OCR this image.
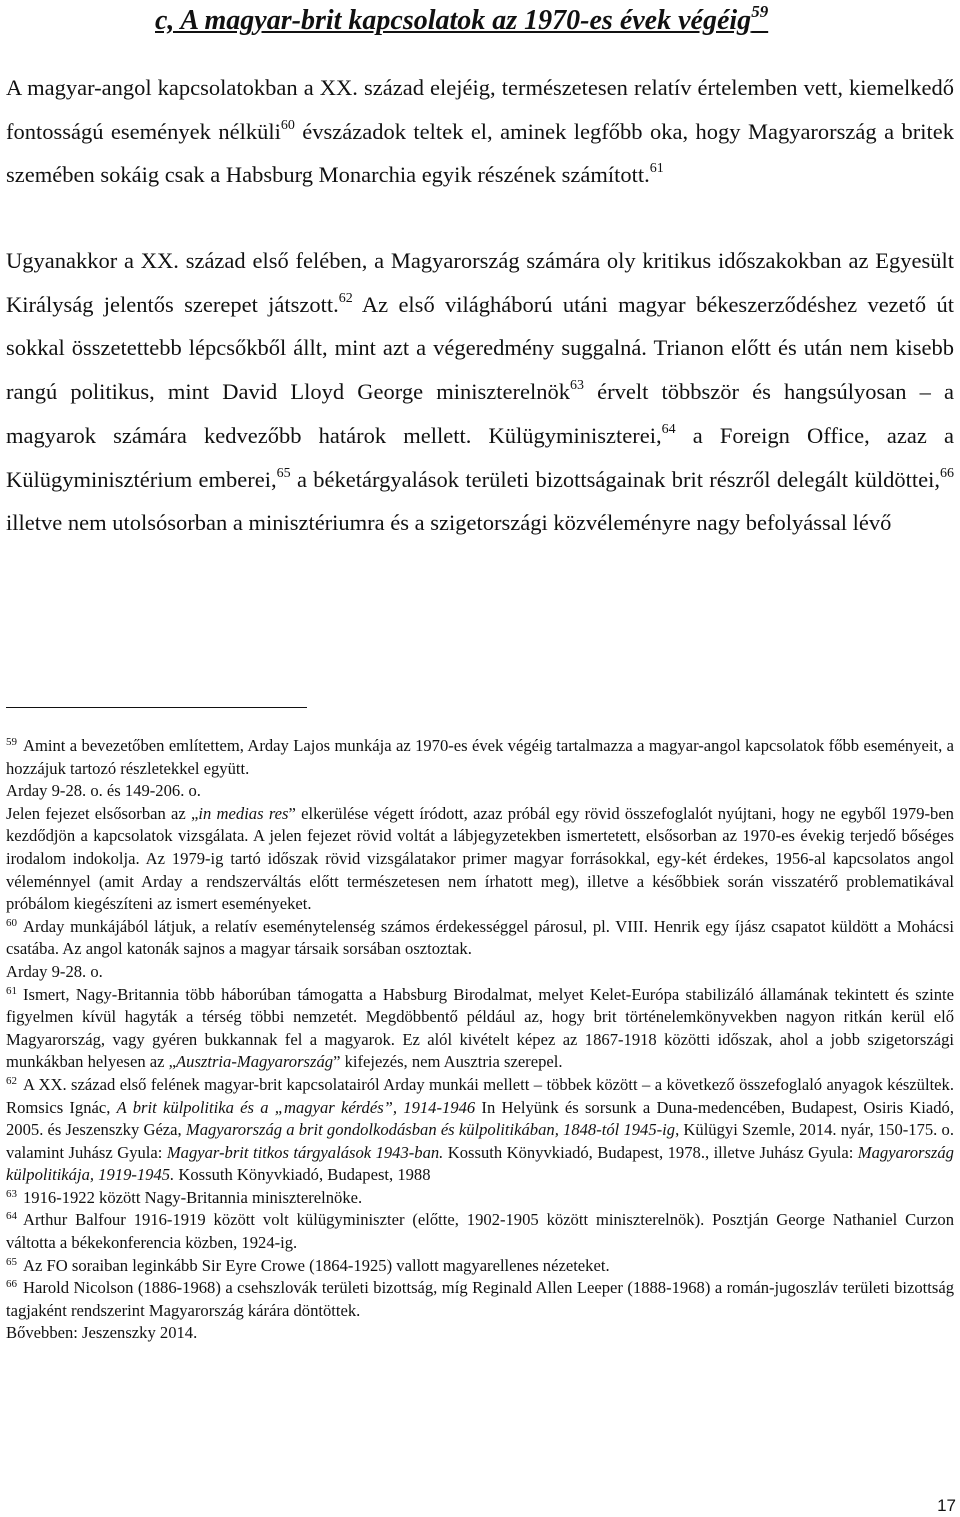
c, A magyar-brit kapcsolatok az 1970-es évek végéig$^{59}$

A magyar-angol kapcsolatokban a XX. század elejéig, természetesen relatív értelemben vett, kiemelkedő fontosságú események nélküli$^{60}$ évszázadok teltek el, aminek legfőbb oka, hogy Magyarország a britek szemében sokáig csak a Habsburg Monarchia egyik részének számított.$^{61}$

Ugyanakkor a XX. század első felében, a Magyarország számára oly kritikus időszakokban az Egyesült Királyság jelentős szerepet játszott.$^{62}$ Az első világháború utáni magyar békeszerződéshez vezető út sokkal összetettebb lépcsőkből állt, mint azt a végeredmény suggalná. Trianon előtt és után nem kisebb rangú politikus, mint David Lloyd George miniszterelnök$^{63}$ érvelt többször és hangsúlyosan – a magyarok számára kedvezőbb határok mellett. Külügyminiszterei,$^{64}$ a Foreign Office, azaz a Külügyminisztérium emberei,$^{65}$ a béketárgyalások területi bizottságainak brit részről delegált küldöttei,$^{66}$ illetve nem utolsósorban a minisztériumra és a szigetországi közvéleményre nagy befolyással lévő

$^{59}$ Amint a bevezetőben említettem, Arday Lajos munkája az 1970-es évek végéig tartalmazza a magyar-angol kapcsolatok főbb eseményeit, a hozzájuk tartozó részletekkel együtt.

Arday 9-28. o. és 149-206. o.

Jelen fejezet elsősorban az „in medias res” elkerülése végett íródott, azaz próbál egy rövid összefoglalót nyújtani, hogy ne egyből 1979-ben kezdődjön a kapcsolatok vizsgálata. A jelen fejezet rövid voltát a lábjegyzetekben ismertetett, elsősorban az 1970-es évekig terjedő bőséges irodalom indokolja. Az 1979-ig tartó időszak rövid vizsgálatakor primer magyar forrásokkal, egy-két érdekes, 1956-al kapcsolatos angol véleménnyel (amit Arday a rendszerváltás előtt természetesen nem írhatott meg), illetve a későbbiek során visszatérő problematikával próbálom kiegészíteni az ismert eseményeket.

$^{60}$ Arday munkájából látjuk, a relatív eseménytelenség számos érdekességgel párosul, pl. VIII. Henrik egy íjász csapatot küldött a Mohácsi csatába. Az angol katonák sajnos a magyar társaik sorsában osztoztak.

Arday 9-28. o.

$^{61}$ Ismert, Nagy-Britannia több háborúban támogatta a Habsburg Birodalmat, melyet Kelet-Európa stabilizáló államának tekintett és szinte figyelmen kívül hagyták a térség többi nemzetét. Megdöbbentő például az, hogy brit történelemkönyvekben nagyon ritkán kerül elő Magyarország, vagy gyéren bukkannak fel a magyarok. Ez alól kivételt képez az 1867-1918 közötti időszak, ahol a jobb szigetországi munkákban helyesen az „Ausztria-Magyarország” kifejezés, nem Ausztria szerepel.

$^{62}$ A XX. század első felének magyar-brit kapcsolatairól Arday munkái mellett – többek között – a következő összefoglaló anyagok készültek. Romsics Ignác, A brit külpolitika és a „magyar kérdés”, 1914-1946 In Helyünk és sorsunk a Duna-medencében, Budapest, Osiris Kiadó, 2005. és Jeszenszky Géza, Magyarország a brit gondolkodásban és külpolitikában, 1848-tól 1945-ig, Külügyi Szemle, 2014. nyár, 150-175. o. valamint Juhász Gyula: Magyar-brit titkos tárgyalások 1943-ban. Kossuth Könyvkiadó, Budapest, 1978., illetve Juhász Gyula: Magyarország külpolitikája, 1919-1945. Kossuth Könyvkiadó, Budapest, 1988

$^{63}$ 1916-1922 között Nagy-Britannia miniszterelnöke.

$^{64}$ Arthur Balfour 1916-1919 között volt külügyminiszter (előtte, 1902-1905 között miniszterelnök). Posztján George Nathaniel Curzon váltotta a békekonferencia közben, 1924-ig.

$^{65}$ Az FO soraiban leginkább Sir Eyre Crowe (1864-1925) vallott magyarellenes nézeteket.

$^{66}$ Harold Nicolson (1886-1968) a csehszlovák területi bizottság, míg Reginald Allen Leeper (1888-1968) a román-jugoszláv területi bizottság tagjaként rendszerint Magyarország kárára döntöttek.

Bővebben: Jeszenszky 2014.

17
